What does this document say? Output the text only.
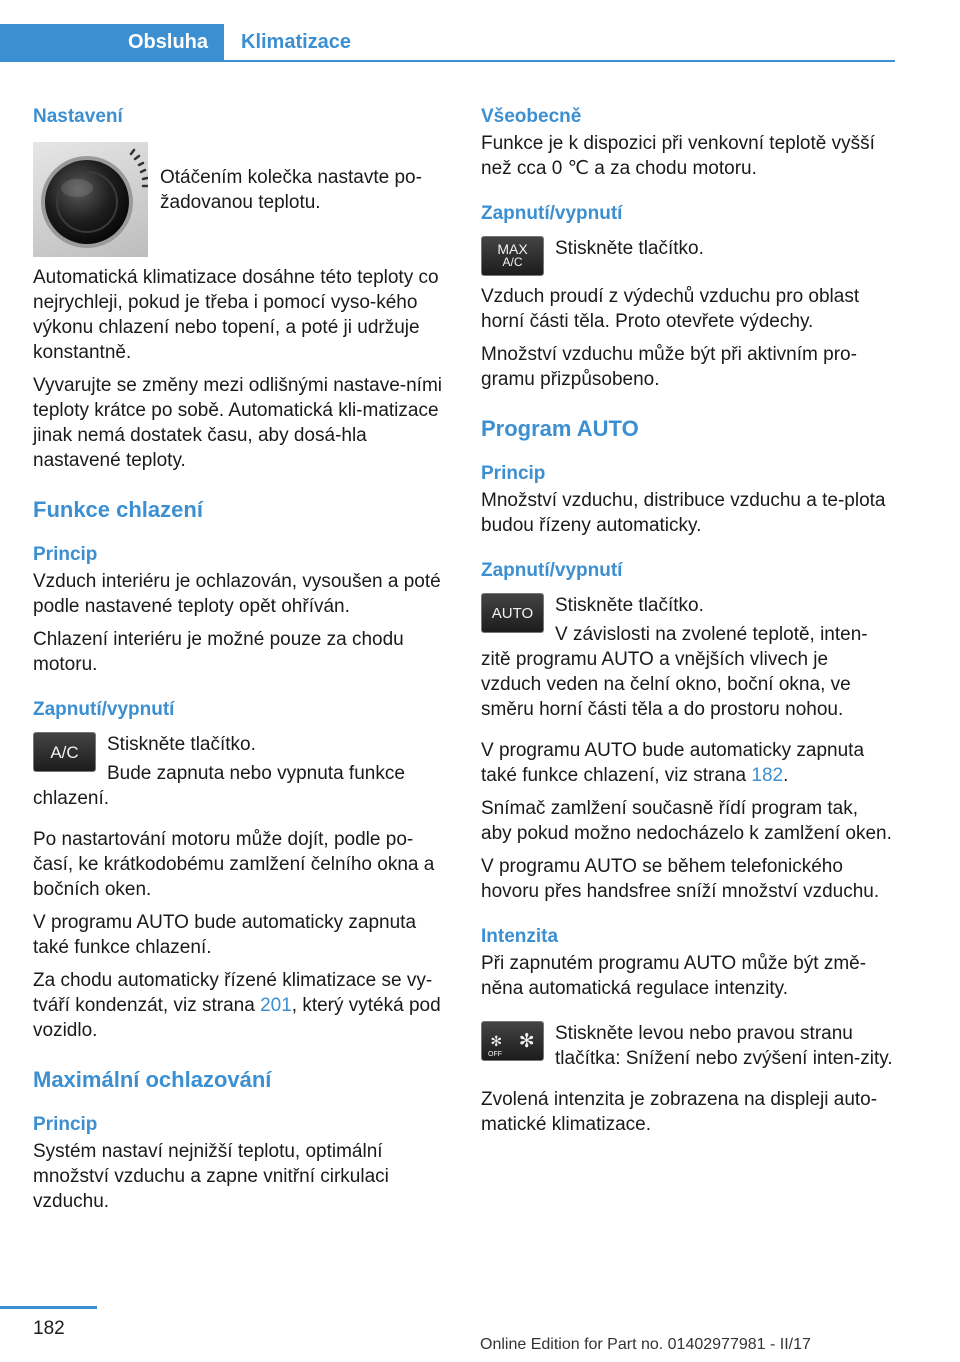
Obsluha	Klimatizace
Nastavení
Otáčením kolečka nastavte po-žadovanou teplotu.

Automatická klimatizace dosáhne této teploty co nejrychleji, pokud je třeba i pomocí vyso-kého výkonu chlazení nebo topení, a poté ji udržuje konstantně.

Vyvarujte se změny mezi odlišnými nastave-ními teploty krátce po sobě. Automatická kli-matizace jinak nemá dostatek času, aby dosá-hla nastavené teploty.

Funkce chlazení
Princip

Vzduch interiéru je ochlazován, vysoušen a poté podle nastavené teploty opět ohříván.

Chlazení interiéru je možné pouze za chodu motoru.

Zapnutí/vypnutí
A/C	Stiskněte tlačítko.
Bude zapnuta nebo vypnuta funkce chlazení.

Po nastartování motoru může dojít, podle po-časí, ke krátkodobému zamlžení čelního okna a bočních oken.

V programu AUTO bude automaticky zapnuta také funkce chlazení.

Za chodu automaticky řízené klimatizace se vy-tváří kondenzát, viz strana 201, který vytéká pod vozidlo.

Maximální ochlazování
Princip

Systém nastaví nejnižší teplotu, optimální množství vzduchu a zapne vnitřní cirkulaci vzduchu.

Všeobecně

Funkce je k dispozici při venkovní teplotě vyšší než cca 0 ℃ a za chodu motoru.

Zapnutí/vypnutí
MAX
A/C
Stiskněte tlačítko.

Vzduch proudí z výdechů vzduchu pro oblast horní části těla. Proto otevřete výdechy.

Množství vzduchu může být při aktivním pro-gramu přizpůsobeno.

Program AUTO
Princip

Množství vzduchu, distribuce vzduchu a te-plota budou řízeny automaticky.

Zapnutí/vypnutí
AUTO	Stiskněte tlačítko.
V závislosti na zvolené teplotě, inten-zitě programu AUTO a vnějších vlivech je vzduch veden na čelní okno, boční okna, ve směru horní části těla a do prostoru nohou.

V programu AUTO bude automaticky zapnuta také funkce chlazení, viz strana 182.

Snímač zamlžení současně řídí program tak, aby pokud možno nedocházelo k zamlžení oken.

V programu AUTO se během telefonického hovoru přes handsfree sníží množství vzduchu.

Intenzita

Při zapnutém programu AUTO může být změ-něna automatická regulace intenzity.

✻ ✻
OFF
Stiskněte levou nebo pravou stranu tlačítka: Snížení nebo zvýšení inten-zity.

Zvolená intenzita je zobrazena na displeji auto-matické klimatizace.

182
Online Edition for Part no. 01402977981 - II/17
